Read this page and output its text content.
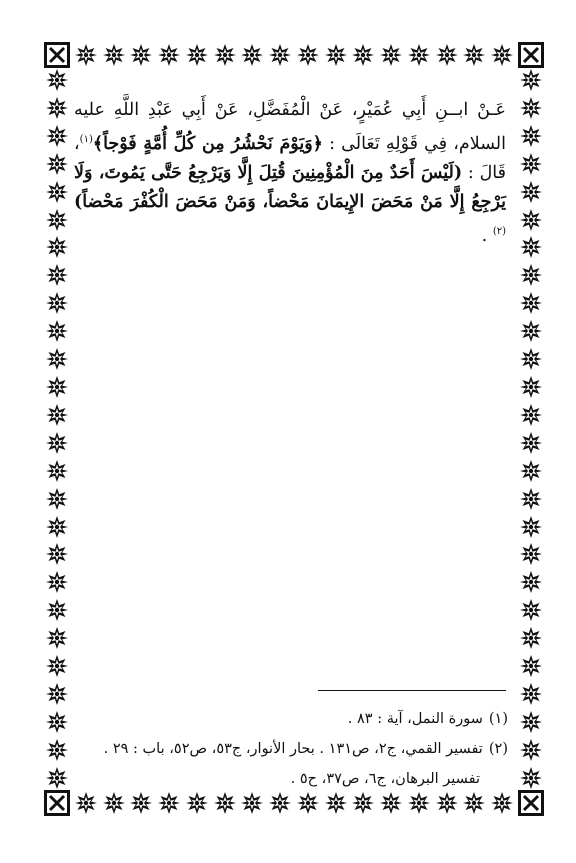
عَـنْ ابــنِ أَبِي عُمَيْرٍ، عَنْ الْمُفَضَّلِ، عَنْ أَبِي عَبْدِ اللَّهِ عليه السلام، فِي قَوْلِهِ تَعَالَى : ﴿وَيَوْمَ نَحْشُرُ مِن كُلِّ أُمَّةٍ فَوْجاً﴾$^{(١)}$، قَالَ : (لَيْسَ أَحَدٌ مِنَ الْمُؤْمِنِينَ قُتِلَ إِلَّا وَيَرْجِعُ حَتَّى يَمُوتَ، وَلَا يَرْجِعُ إِلَّا مَنْ مَحَضَ الإِيمَانَ مَحْضاً، وَمَنْ مَحَضَ الْكُفْرَ مَحْضاً)$^{(٢)}$ .

(١)سورة النمل، آية : ٨٣ .

(٢)تفسير القمي، ج٢، ص١٣١ . بحار الأنوار، ج٥٣، ص٥٢، باب : ٢٩ .

تفسير البرهان، ج٦، ص٣٧، ح٥ .
